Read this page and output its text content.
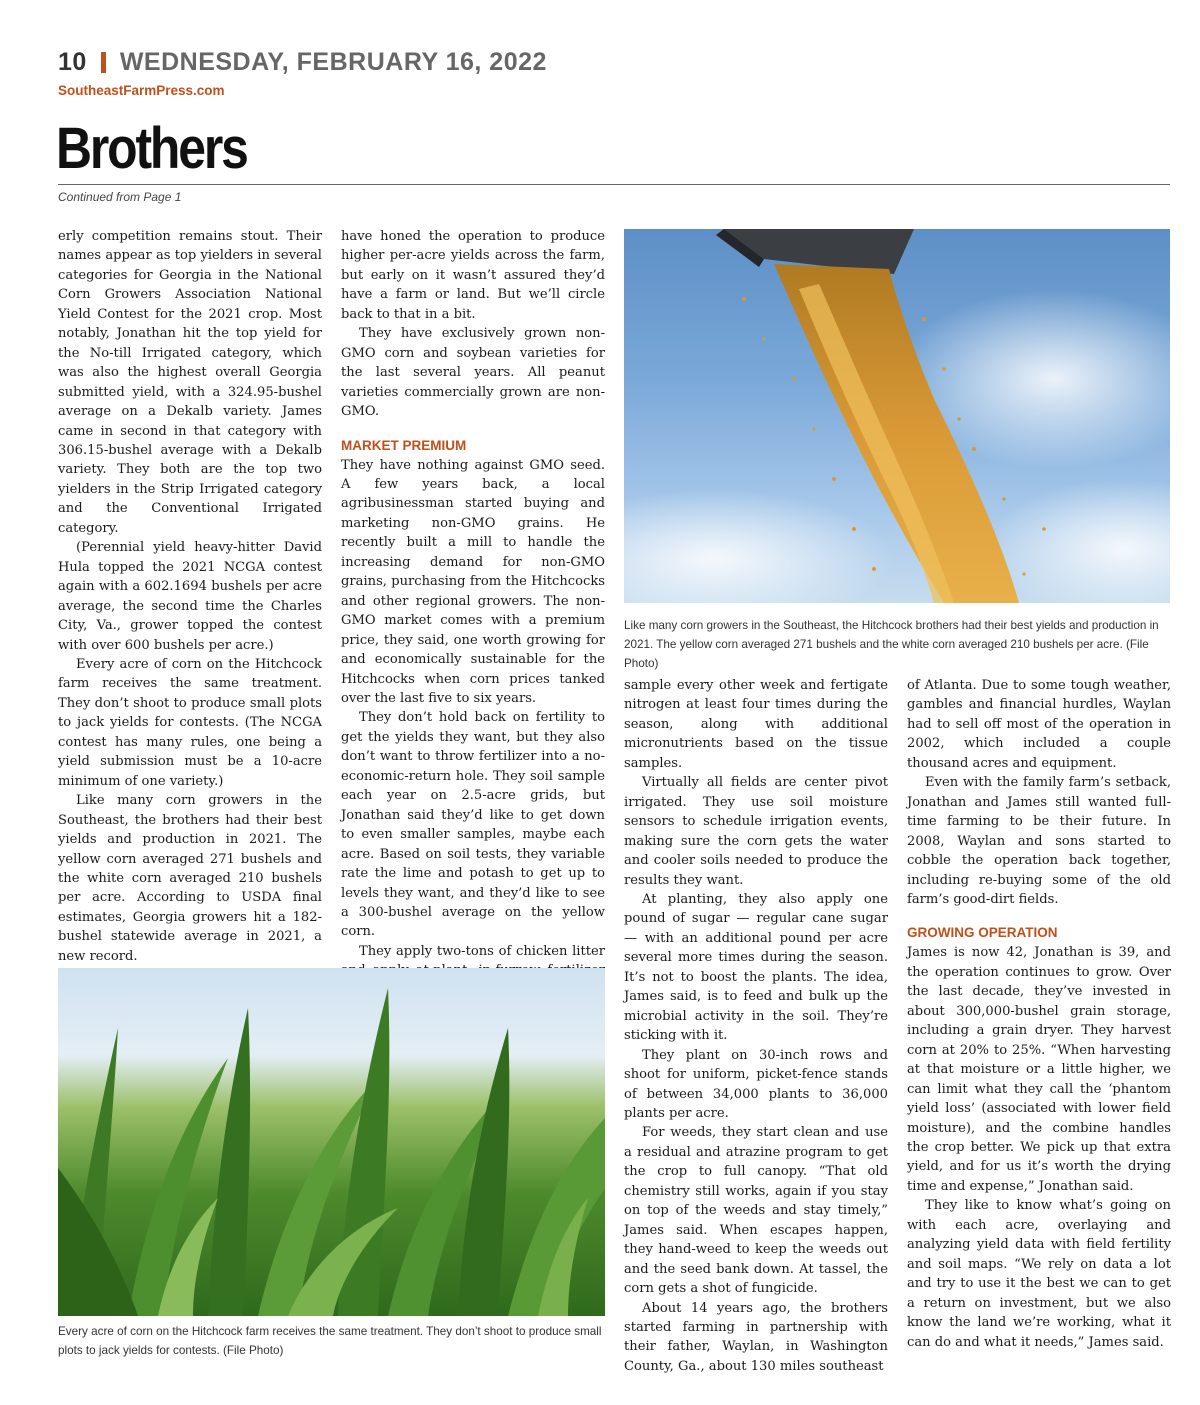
10 WEDNESDAY, FEBRUARY 16, 2022
SoutheastFarmPress.com
Brothers
Continued from Page 1

erly competition remains stout. Their names appear as top yielders in several categories for Georgia in the National Corn Growers Association National Yield Contest for the 2021 crop. Most notably, Jonathan hit the top yield for the No-till Irrigated category, which was also the highest overall Georgia submitted yield, with a 324.95-bushel average on a Dekalb variety. James came in second in that category with 306.15-bushel average with a Dekalb variety. They both are the top two yielders in the Strip Irrigated category and the Conventional Irrigated category.

(Perennial yield heavy-hitter David Hula topped the 2021 NCGA contest again with a 602.1694 bushels per acre average, the second time the Charles City, Va., grower topped the contest with over 600 bushels per acre.)

Every acre of corn on the Hitchcock farm receives the same treatment. They don’t shoot to produce small plots to jack yields for contests. (The NCGA contest has many rules, one being a yield submission must be a 10-acre minimum of one variety.)

Like many corn growers in the Southeast, the brothers had their best yields and production in 2021. The yellow corn averaged 271 bushels and the white corn averaged 210 bushels per acre. According to USDA final estimates, Georgia growers hit a 182-bushel statewide average in 2021, a new record.

have honed the operation to produce higher per-acre yields across the farm, but early on it wasn’t assured they’d have a farm or land. But we’ll circle back to that in a bit.

They have exclusively grown non-GMO corn and soybean varieties for the last several years. All peanut varieties commercially grown are non-GMO.

MARKET PREMIUM

They have nothing against GMO seed. A few years back, a local agribusinessman started buying and marketing non-GMO grains. He recently built a mill to handle the increasing demand for non-GMO grains, purchasing from the Hitchcocks and other regional growers. The non-GMO market comes with a premium price, they said, one worth growing for and economically sustainable for the Hitchcocks when corn prices tanked over the last five to six years.

They don’t hold back on fertility to get the yields they want, but they also don’t want to throw fertilizer into a no-economic-return hole. They soil sample each year on 2.5-acre grids, but Jonathan said they’d like to get down to even smaller samples, maybe each acre. Based on soil tests, they variable rate the lime and potash to get up to levels they want, and they’d like to see a 300-bushel average on the yellow corn.

They apply two-tons of chicken litter

Like many corn growers in the Southeast, the Hitchcock brothers had their best yields and production in 2021. The yellow corn averaged 271 bushels and the white corn averaged 210 bushels per acre. (File Photo)

sample every other week and fertigate nitrogen at least four times during the season, along with additional micronutrients based on the tissue samples.

Virtually all fields are center pivot irrigated. They use soil moisture sensors to schedule irrigation events, making sure the corn gets the water and cooler soils needed to produce the results they want.

At planting, they also apply one pound of sugar — regular cane sugar — with an additional pound per acre several more times during the season. It’s not to boost the plants. The idea, James said, is to feed and bulk up the microbial activity in the soil. They’re sticking with it.

They plant on 30-inch rows and shoot for uniform, picket-fence stands of between 34,000 plants to 36,000 plants per acre.

For weeds, they start clean and use a residual and atrazine program to get the crop to full canopy. “That old chemistry still works, again if you stay on top of the weeds and stay timely,” James said. When escapes happen, they hand-weed to keep the weeds out and the seed bank down. At tassel, the corn gets a shot of fungicide.

About 14 years ago, the brothers started farming in partnership with their father, Waylan, in Washington County, Ga., about 130 miles southeast

of Atlanta. Due to some tough weather, gambles and financial hurdles, Waylan had to sell off most of the operation in 2002, which included a couple thousand acres and equipment.

Even with the family farm’s setback, Jonathan and James still wanted full-time farming to be their future. In 2008, Waylan and sons started to cobble the operation back together, including re-buying some of the old farm’s good-dirt fields.

GROWING OPERATION

James is now 42, Jonathan is 39, and the operation continues to grow. Over the last decade, they’ve invested in about 300,000-bushel grain storage, including a grain dryer. They harvest corn at 20% to 25%. “When harvesting at that moisture or a little higher, we can limit what they call the ‘phantom yield loss’ (associated with lower field moisture), and the combine handles the crop better. We pick up that extra yield, and for us it’s worth the drying time and expense,” Jonathan said.

They like to know what’s going on with each acre, overlaying and analyzing yield data with field fertility and soil maps. “We rely on data a lot and try to use it the best we can to get a return on investment, but we also know the land we’re working, what it can do and what it needs,” James said.

Every acre of corn on the Hitchcock farm receives the same treatment. They don’t shoot to produce small plots to jack yields for contests. (File Photo)
